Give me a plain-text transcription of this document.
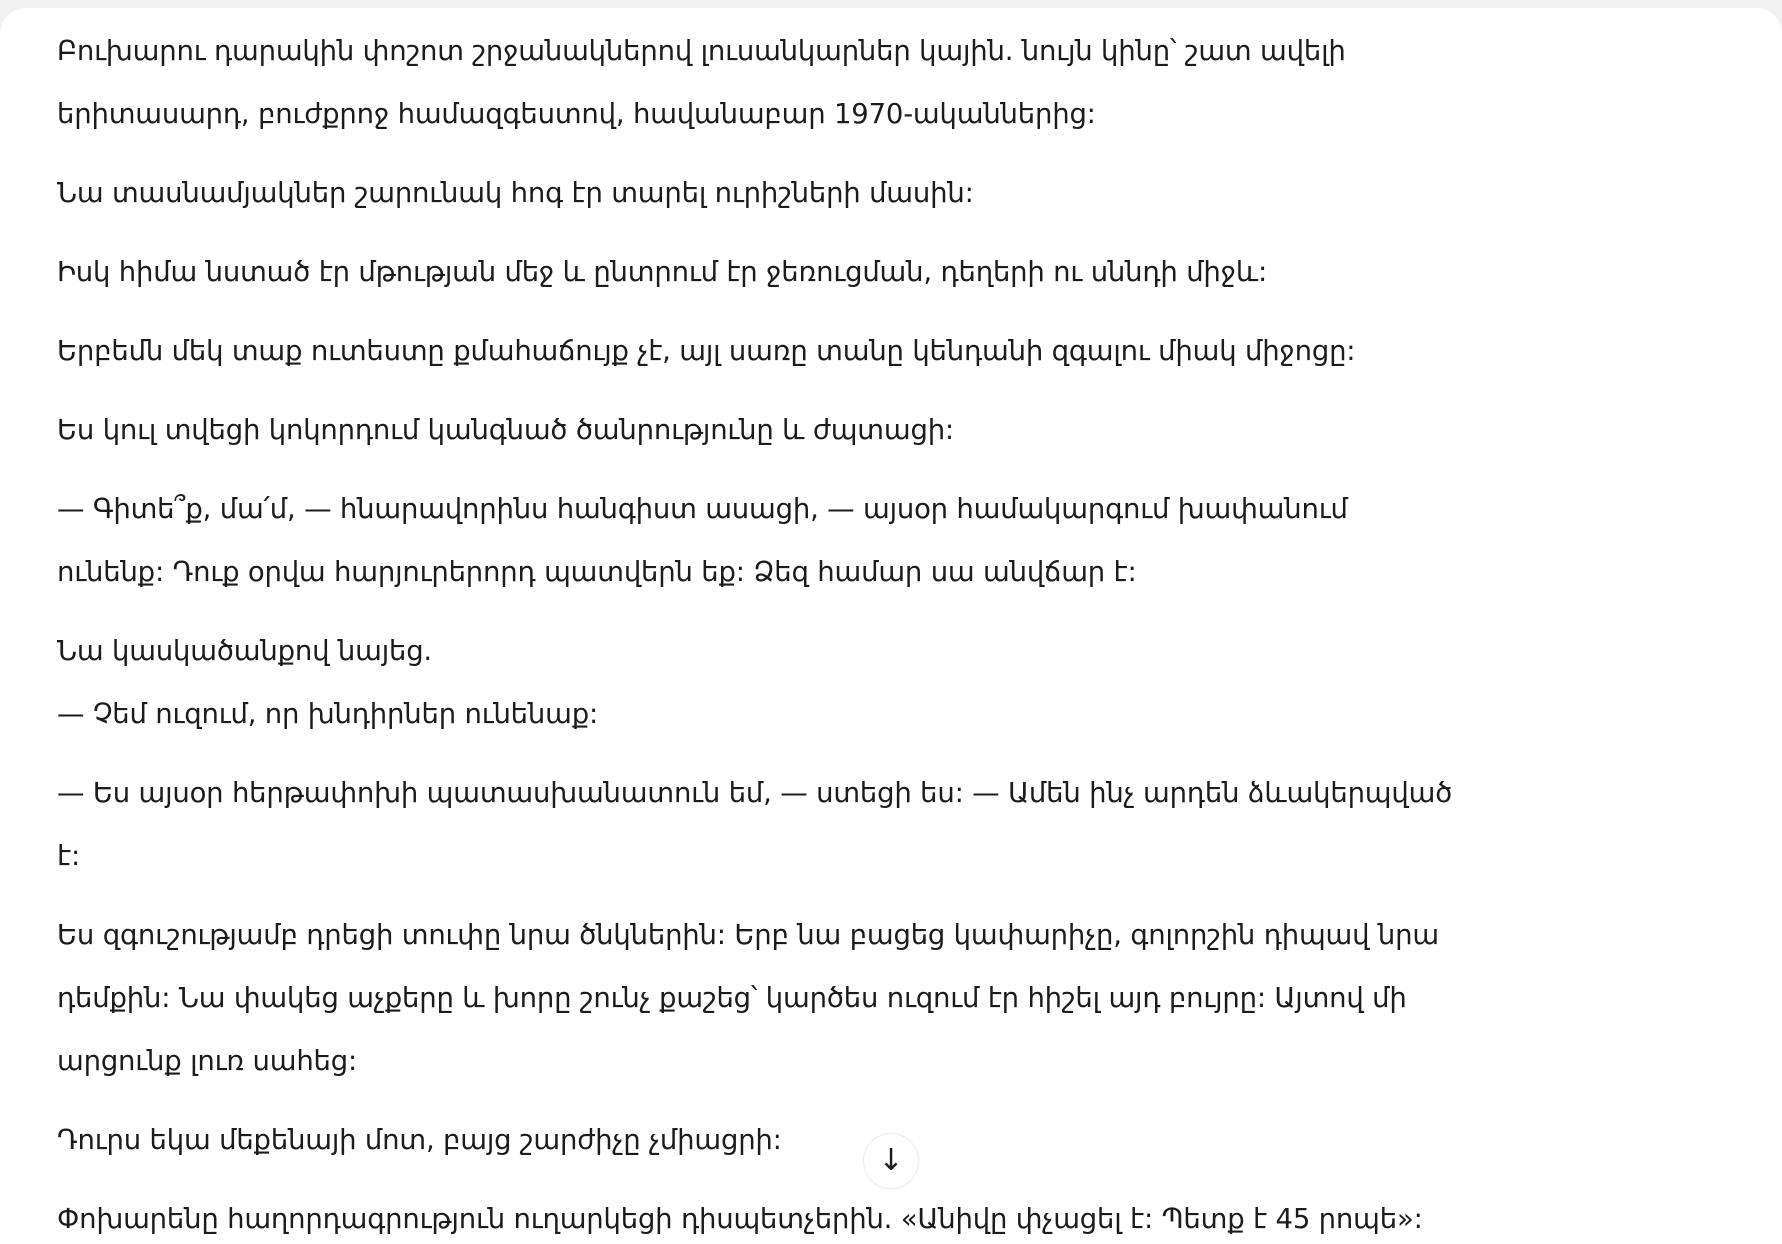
Բուխարու դարակին փոշոտ շրջանակներով լուսանկարներ կային. նույն կինը՝ շատ ավելի երիտասարդ, բուժքրոջ համազգեստով, հավանաբար 1970-ականներից:

Նա տասնամյակներ շարունակ հոգ էր տարել ուրիշների մասին:

Իսկ հիմա նստած էր մթության մեջ և ընտրում էր ջեռուցման, դեղերի ու սննդի միջև:

Երբեմն մեկ տաք ուտեստը քմահաճույք չէ, այլ սառը տանը կենդանի զգալու միակ միջոցը:

Ես կուլ տվեցի կոկորդում կանգնած ծանրությունը և ժպտացի:

— Գիտե՞ք, մա՛մ, — հնարավորինս հանգիստ ասացի, — այսօր համակարգում խափանում ունենք: Դուք օրվա հարյուրերորդ պատվերն եք: Ձեզ համար սա անվճար է:

Նա կասկածանքով նայեց.
— Չեմ ուզում, որ խնդիրներ ունենաք:

— Ես այսօր հերթափոխի պատասխանատուն եմ, — ստեցի ես: — Ամեն ինչ արդեն ձևակերպված է:

Ես զգուշությամբ դրեցի տուփը նրա ծնկներին: Երբ նա բացեց կափարիչը, գոլորշին դիպավ նրա դեմքին: Նա փակեց աչքերը և խորը շունչ քաշեց՝ կարծես ուզում էր հիշել այդ բույրը: Այտով մի արցունք լուռ սահեց:

Դուրս եկա մեքենայի մոտ, բայց շարժիչը չմիացրի:

Փոխարենը հաղորդագրություն ուղարկեցի դիսպետչերին. «Անիվը փչացել է: Պետք է 45 րոպե»:

↓
